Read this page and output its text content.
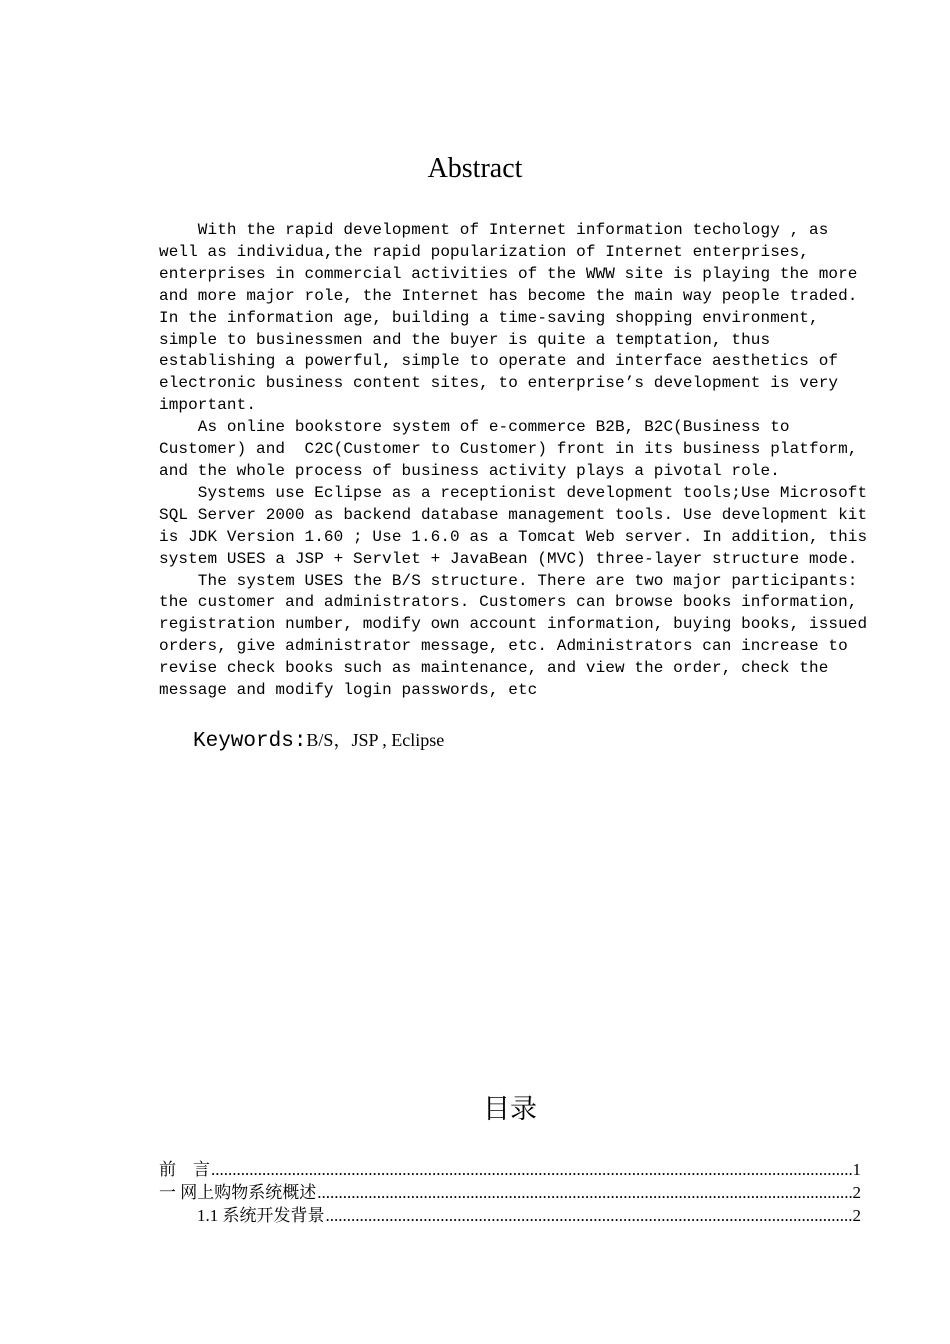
Abstract

With the rapid development of Internet information techology , as
well as individua,the rapid popularization of Internet enterprises,
enterprises in commercial activities of the WWW site is playing the more
and more major role, the Internet has become the main way people traded.
In the information age, building a time-saving shopping environment,
simple to businessmen and the buyer is quite a temptation, thus
establishing a powerful, simple to operate and interface aesthetics of
electronic business content sites, to enterprise’s development is very
important.

As online bookstore system of e-commerce B2B, B2C(Business to
Customer) and  C2C(Customer to Customer) front in its business platform,
and the whole process of business activity plays a pivotal role.

Systems use Eclipse as a receptionist development tools;Use Microsoft
SQL Server 2000 as backend database management tools. Use development kit
is JDK Version 1.60 ; Use 1.6.0 as a Tomcat Web server. In addition, this
system USES a JSP + Servlet + JavaBean (MVC) three-layer structure mode.

The system USES the B/S structure. There are two major participants:
the customer and administrators. Customers can browse books information,
registration number, modify own account information, buying books, issued
orders, give administrator message, etc. Administrators can increase to
revise check books such as maintenance, and view the order, check the
message and modify login passwords, etc

Keywords:B/S，JSP , Eclipse
目录
前　言 .....	1
一 网上购物系统概述 .....	2
1.1 系统开发背景 .....	2
